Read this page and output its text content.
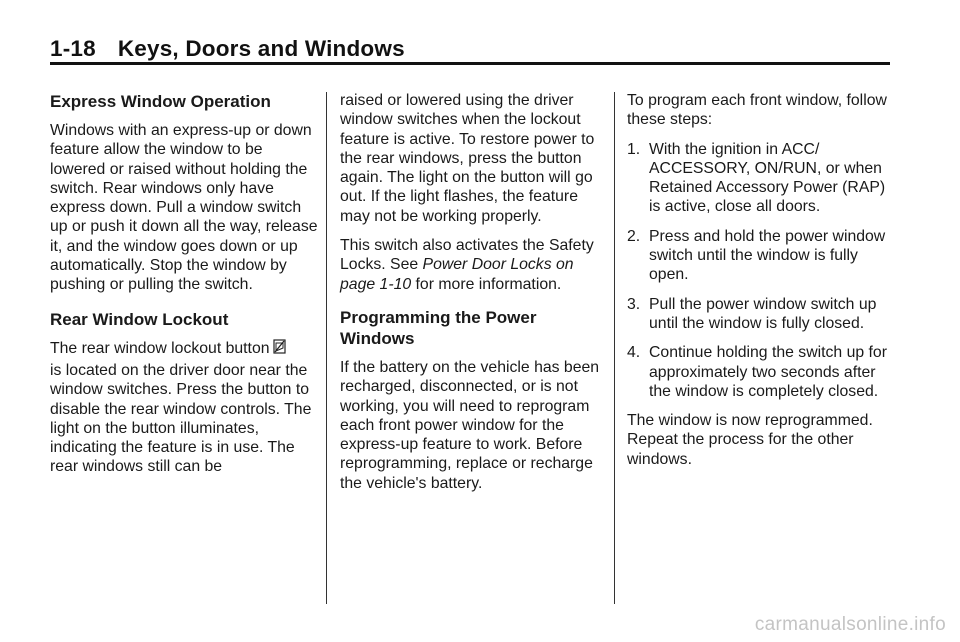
1-18 Keys, Doors and Windows
Express Window Operation

Windows with an express-up or down feature allow the window to be lowered or raised without holding the switch. Rear windows only have express down. Pull a window switch up or push it down all the way, release it, and the window goes down or up automatically. Stop the window by pushing or pulling the switch.

Rear Window Lockout

The rear window lockout button
is located on the driver door near the window switches. Press the button to disable the rear window controls. The light on the button illuminates, indicating the feature is in use. The rear windows still can be

raised or lowered using the driver window switches when the lockout feature is active. To restore power to the rear windows, press the button again. The light on the button will go out. If the light flashes, the feature may not be working properly.

This switch also activates the Safety Locks. See Power Door Locks on page 1-10 for more information.

Programming the Power Windows

If the battery on the vehicle has been recharged, disconnected, or is not working, you will need to reprogram each front power window for the express-up feature to work. Before reprogramming, replace or recharge the vehicle's battery.

To program each front window, follow these steps:

1. With the ignition in ACC/ ACCESSORY, ON/RUN, or when Retained Accessory Power (RAP) is active, close all doors.
2. Press and hold the power window switch until the window is fully open.
3. Pull the power window switch up until the window is fully closed.
4. Continue holding the switch up for approximately two seconds after the window is completely closed.

The window is now reprogrammed. Repeat the process for the other windows.

carmanualsonline.info
